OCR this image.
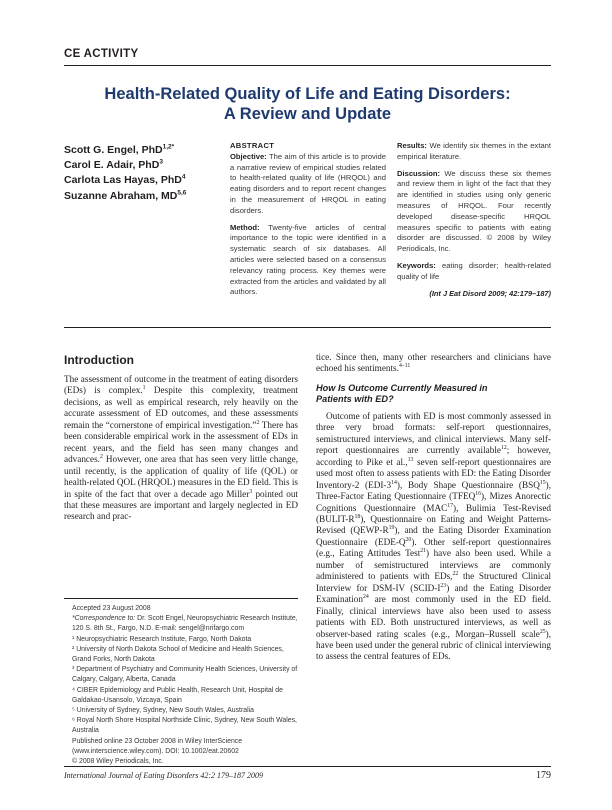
CE ACTIVITY
Health-Related Quality of Life and Eating Disorders:
A Review and Update
Scott G. Engel, PhD$^{1,2*}$
Carol E. Adair, PhD$^3$
Carlota Las Hayas, PhD$^4$
Suzanne Abraham, MD$^{5,6}$
ABSTRACT

Objective: The aim of this article is to provide a narrative review of empirical studies related to health-related quality of life (HRQOL) and eating disorders and to report recent changes in the measurement of HRQOL in eating disorders.

Method: Twenty-five articles of central importance to the topic were identified in a systematic search of six databases. All articles were selected based on a consensus relevancy rating process. Key themes were extracted from the articles and validated by all authors.

Results: We identify six themes in the extant empirical literature.

Discussion: We discuss these six themes and review them in light of the fact that they are identified in studies using only generic measures of HRQOL. Four recently developed disease-specific HRQOL measures specific to patients with eating disorder are discussed. © 2008 by Wiley Periodicals, Inc.

Keywords: eating disorder; health-related quality of life

(Int J Eat Disord 2009; 42:179–187)
Introduction
The assessment of outcome in the treatment of eating disorders (EDs) is complex.$^1$ Despite this complexity, treatment decisions, as well as empirical research, rely heavily on the accurate assessment of ED outcomes, and these assessments remain the “cornerstone of empirical investigation.”$^2$ There has been considerable empirical work in the assessment of EDs in recent years, and the field has seen many changes and advances.$^2$ However, one area that has seen very little change, until recently, is the application of quality of life (QOL) or health-related QOL (HRQOL) measures in the ED field. This is in spite of the fact that over a decade ago Miller$^3$ pointed out that these measures are important and largely neglected in ED research and prac-
Accepted 23 August 2008
*Correspondence to: Dr. Scott Engel, Neuropsychiatric Research Institute, 120 S. 8th St., Fargo, N.D. E-mail: sengel@nrifargo.com
¹ Neuropsychiatric Research Institute, Fargo, North Dakota
² University of North Dakota School of Medicine and Health Sciences, Grand Forks, North Dakota
³ Department of Psychiatry and Community Health Sciences, University of Calgary, Calgary, Alberta, Canada
⁴ CIBER Epidemiology and Public Health, Research Unit, Hospital de Galdakao-Usansolo, Vizcaya, Spain
⁵ University of Sydney, Sydney, New South Wales, Australia
⁶ Royal North Shore Hospital Northside Clinic, Sydney, New South Wales, Australia
Published online 23 October 2008 in Wiley InterScience (www.interscience.wiley.com). DOI: 10.1002/eat.20602
© 2008 Wiley Periodicals, Inc.

tice. Since then, many other researchers and clinicians have echoed his sentiments.$^{4-11}$

How Is Outcome Currently Measured in
Patients with ED?

Outcome of patients with ED is most commonly assessed in three very broad formats: self-report questionnaires, semistructured interviews, and clinical interviews. Many self-report questionnaires are currently available$^{12}$; however, according to Pike et al.,$^{13}$ seven self-report questionnaires are used most often to assess patients with ED: the Eating Disorder Inventory-2 $(EDI-3^{14})$, Body Shape Questionnaire (BSQ$^{15}$), Three-Factor Eating Questionnaire (TFEQ$^{16}$), Mizes Anorectic Cognitions Questionnaire (MAC$^{17}$), Bulimia Test-Revised $(BULIT-R^{18})$, Questionnaire on Eating and Weight Patterns-Revised $(QEWP-R^{19})$, and the Eating Disorder Examination Questionnaire $(EDE-Q^{20})$. Other self-report questionnaires (e.g., Eating Attitudes Test$^{21}$) have also been used. While a number of semistructured interviews are commonly administered to patients with EDs,$^{22}$ the Structured Clinical Interview for DSM-IV $(SCID-I^{23})$ and the Eating Disorder Examination$^{24}$ are most commonly used in the ED field. Finally, clinical interviews have also been used to assess patients with ED. Both unstructured interviews, as well as observer-based rating scales (e.g., Morgan–Russell scale$^{25}$), have been used under the general rubric of clinical interviewing to assess the central features of EDs.

International Journal of Eating Disorders 42:2 179–187 2009	179
